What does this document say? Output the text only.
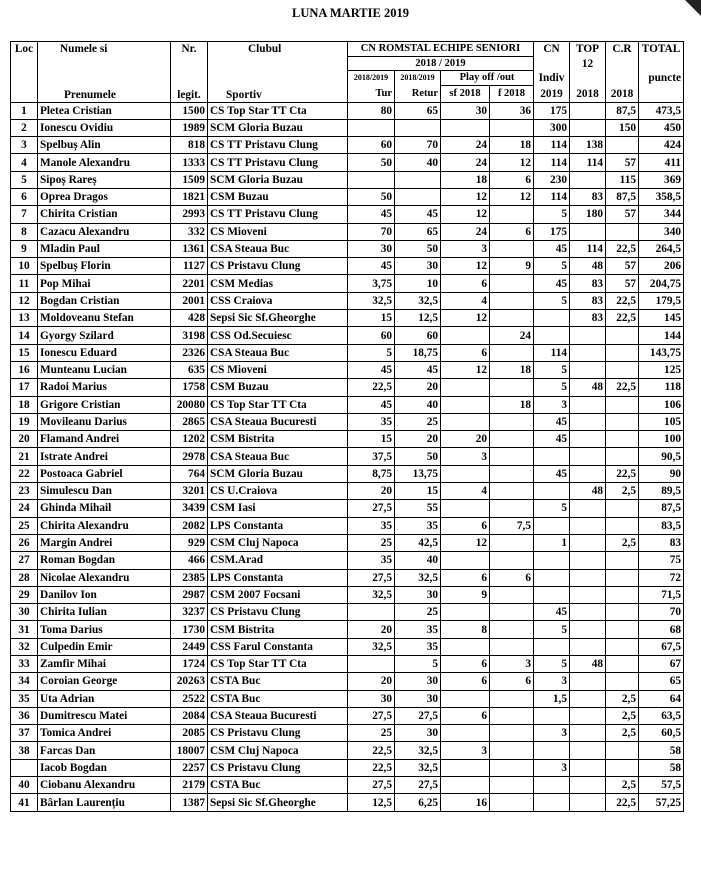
LUNA MARTIE 2019
Loc	Numele si	Nr.	Clubul	CN ROMSTAL ECHIPE SENIORI				CN	TOP	C.R	TOTAL
				2018 / 2019					12		
				2018/2019	2018/2019	Play off /out		Indiv			puncte
	Prenumele	legit.	Sportiv	Tur	Retur	sf 2018	f 2018	2019	2018	2018	
1	Pletea Cristian	1500	CS Top Star TT Cta	80	65	30	36	175		87,5	473,5
2	Ionescu Ovidiu	1989	SCM Gloria Buzau					300		150	450
3	Spelbuș Alin	818	CS TT Pristavu Clung	60	70	24	18	114	138		424
4	Manole Alexandru	1333	CS TT Pristavu Clung	50	40	24	12	114	114	57	411
5	Sipoș Rareș	1509	SCM Gloria Buzau			18	6	230		115	369
6	Oprea Dragos	1821	CSM Buzau	50		12	12	114	83	87,5	358,5
7	Chirita Cristian	2993	CS TT Pristavu Clung	45	45	12		5	180	57	344
8	Cazacu Alexandru	332	CS Mioveni	70	65	24	6	175			340
9	Mladin Paul	1361	CSA Steaua Buc	30	50	3		45	114	22,5	264,5
10	Spelbuș Florin	1127	CS Pristavu Clung	45	30	12	9	5	48	57	206
11	Pop Mihai	2201	CSM Medias	3,75	10	6		45	83	57	204,75
12	Bogdan Cristian	2001	CSS Craiova	32,5	32,5	4		5	83	22,5	179,5
13	Moldoveanu Stefan	428	Sepsi Sic Sf.Gheorghe	15	12,5	12			83	22,5	145
14	Gyorgy Szilard	3198	CSS Od.Secuiesc	60	60		24				144
15	Ionescu Eduard	2326	CSA Steaua Buc	5	18,75	6		114			143,75
16	Munteanu Lucian	635	CS Mioveni	45	45	12	18	5			125
17	Radoi Marius	1758	CSM Buzau	22,5	20			5	48	22,5	118
18	Grigore Cristian	20080	CS Top Star TT Cta	45	40		18	3			106
19	Movileanu Darius	2865	CSA Steaua Bucuresti	35	25			45			105
20	Flamand Andrei	1202	CSM Bistrita	15	20	20		45			100
21	Istrate Andrei	2978	CSA Steaua Buc	37,5	50	3					90,5
22	Postoaca Gabriel	764	SCM Gloria Buzau	8,75	13,75			45		22,5	90
23	Simulescu Dan	3201	CS U.Craiova	20	15	4			48	2,5	89,5
24	Ghinda Mihail	3439	CSM Iasi	27,5	55			5			87,5
25	Chirita Alexandru	2082	LPS Constanta	35	35	6	7,5				83,5
26	Margin Andrei	929	CSM Cluj Napoca	25	42,5	12		1		2,5	83
27	Roman Bogdan	466	CSM.Arad	35	40						75
28	Nicolae Alexandru	2385	LPS Constanta	27,5	32,5	6	6				72
29	Danilov Ion	2987	CSM 2007 Focsani	32,5	30	9					71,5
30	Chirita Iulian	3237	CS Pristavu Clung		25			45			70
31	Toma Darius	1730	CSM Bistrita	20	35	8		5			68
32	Culpedin Emir	2449	CSS Farul Constanta	32,5	35						67,5
33	Zamfir Mihai	1724	CS Top Star TT Cta		5	6	3	5	48		67
34	Coroian George	20263	CSTA Buc	20	30	6	6	3			65
35	Uta Adrian	2522	CSTA Buc	30	30			1,5		2,5	64
36	Dumitrescu Matei	2084	CSA Steaua Bucuresti	27,5	27,5	6				2,5	63,5
37	Tomica Andrei	2085	CS Pristavu Clung	25	30			3		2,5	60,5
38	Farcas Dan	18007	CSM Cluj Napoca	22,5	32,5	3					58
	Iacob Bogdan	2257	CS Pristavu Clung	22,5	32,5			3			58
40	Ciobanu Alexandru	2179	CSTA Buc	27,5	27,5					2,5	57,5
41	Bârlan Laurențiu	1387	Sepsi Sic Sf.Gheorghe	12,5	6,25	16				22,5	57,25
